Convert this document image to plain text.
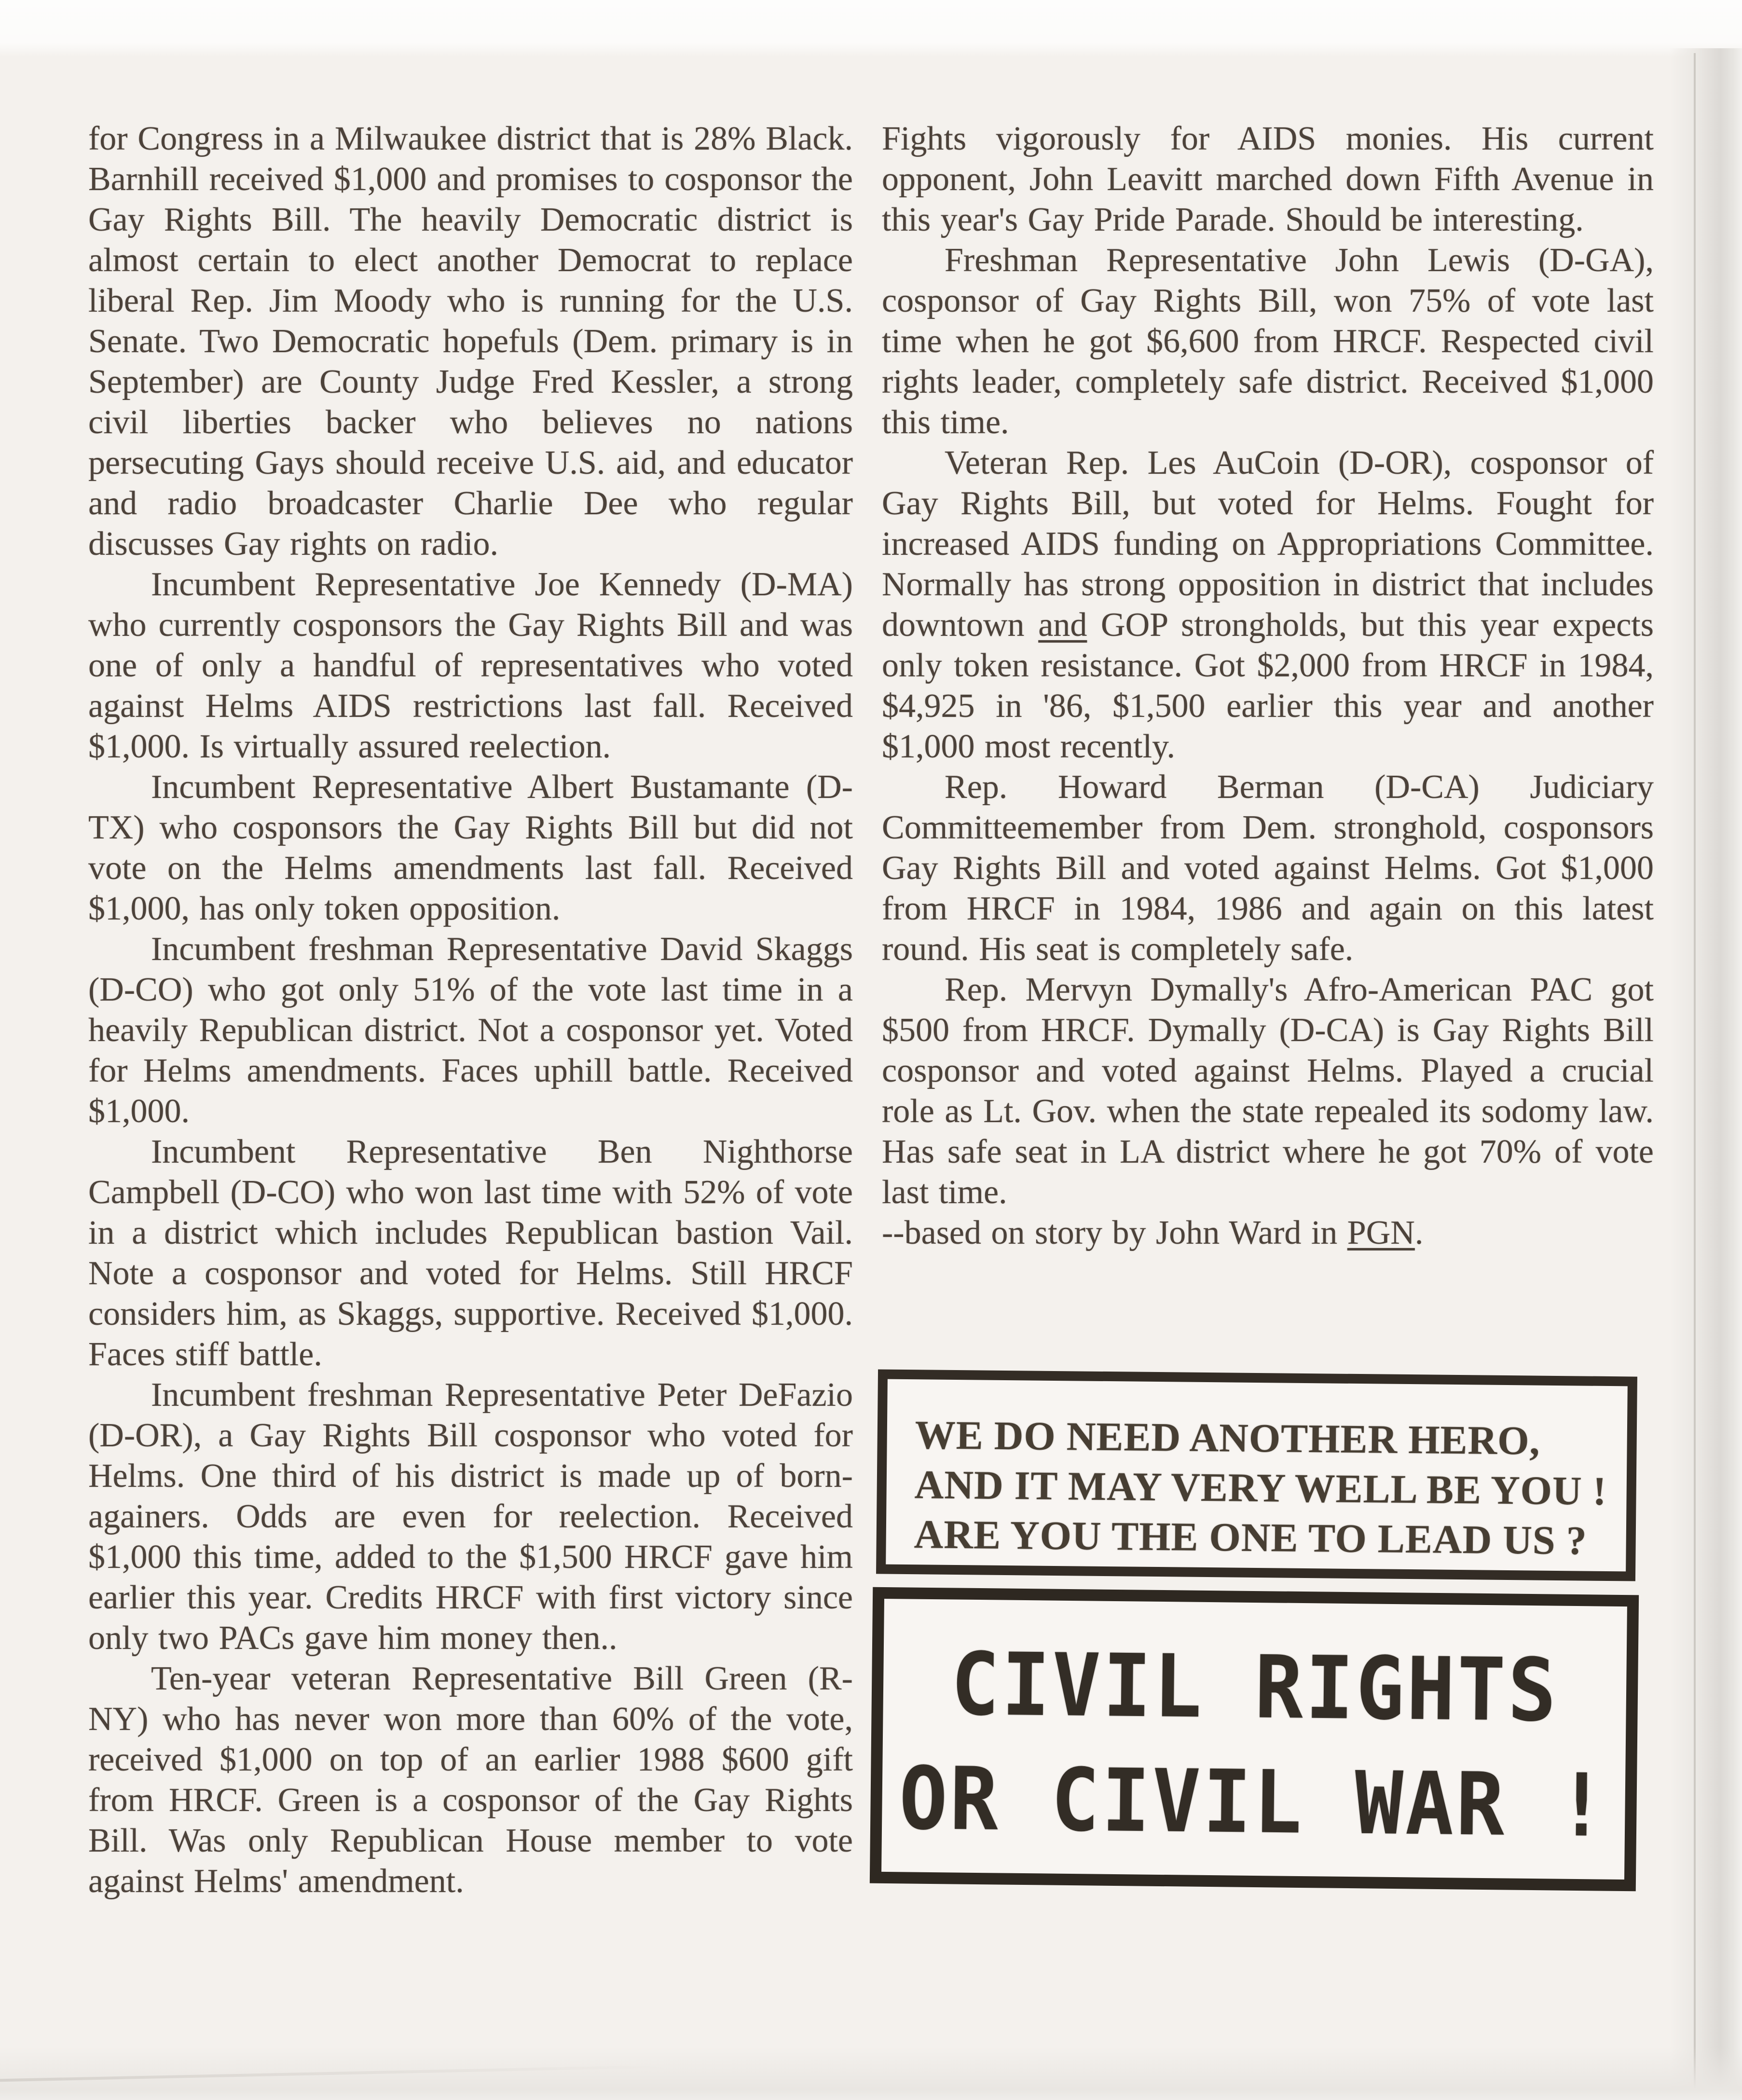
for Congress in a Milwaukee district that is 28% Black. Barnhill received $1,000 and promises to cosponsor the Gay Rights Bill. The heavily Democratic district is almost certain to elect another Democrat to replace liberal Rep. Jim Moody who is running for the U.S. Senate. Two Democratic hopefuls (Dem. primary is in September) are County Judge Fred Kessler, a strong civil liberties backer who believes no nations persecuting Gays should receive U.S. aid, and educator and radio broadcaster Charlie Dee who regular discusses Gay rights on radio.

Incumbent Representative Joe Kennedy (D-MA) who currently cosponsors the Gay Rights Bill and was one of only a handful of representatives who voted against Helms AIDS restrictions last fall. Received $1,000. Is virtually assured reelection.

Incumbent Representative Albert Bustamante (D-TX) who cosponsors the Gay Rights Bill but did not vote on the Helms amendments last fall. Received $1,000, has only token opposition.

Incumbent freshman Representative David Skaggs (D-CO) who got only 51% of the vote last time in a heavily Republican district. Not a cosponsor yet. Voted for Helms amendments. Faces uphill battle. Received $1,000.

Incumbent Representative Ben Nighthorse Campbell (D-CO) who won last time with 52% of vote in a district which includes Republican bastion Vail. Note a cosponsor and voted for Helms. Still HRCF considers him, as Skaggs, supportive. Received $1,000. Faces stiff battle.

Incumbent freshman Representative Peter DeFazio (D-OR), a Gay Rights Bill cosponsor who voted for Helms. One third of his district is made up of born-againers. Odds are even for reelection. Received $1,000 this time, added to the $1,500 HRCF gave him earlier this year. Credits HRCF with first victory since only two PACs gave him money then..

Ten-year veteran Representative Bill Green (R-NY) who has never won more than 60% of the vote, received $1,000 on top of an earlier 1988 $600 gift from HRCF. Green is a cosponsor of the Gay Rights Bill. Was only Republican House member to vote against Helms' amendment.

Fights vigorously for AIDS monies. His current opponent, John Leavitt marched down Fifth Avenue in this year's Gay Pride Parade. Should be interesting.

Freshman Representative John Lewis (D-GA), cosponsor of Gay Rights Bill, won 75% of vote last time when he got $6,600 from HRCF. Respected civil rights leader, completely safe district. Received $1,000 this time.

Veteran Rep. Les AuCoin (D-OR), cosponsor of Gay Rights Bill, but voted for Helms. Fought for increased AIDS funding on Appropriations Committee. Normally has strong opposition in district that includes downtown and GOP strongholds, but this year expects only token resistance. Got $2,000 from HRCF in 1984, $4,925 in '86, $1,500 earlier this year and another $1,000 most recently.

Rep. Howard Berman (D-CA) Judiciary Committeemember from Dem. stronghold, cosponsors Gay Rights Bill and voted against Helms. Got $1,000 from HRCF in 1984, 1986 and again on this latest round. His seat is completely safe.

Rep. Mervyn Dymally's Afro-American PAC got $500 from HRCF. Dymally (D-CA) is Gay Rights Bill cosponsor and voted against Helms. Played a crucial role as Lt. Gov. when the state repealed its sodomy law. Has safe seat in LA district where he got 70% of vote last time.

--based on story by John Ward in PGN.

WE DO NEED ANOTHER HERO,
AND IT MAY VERY WELL BE YOU !
ARE YOU THE ONE TO LEAD US ?
CIVIL RIGHTS
OR CIVIL WAR !
